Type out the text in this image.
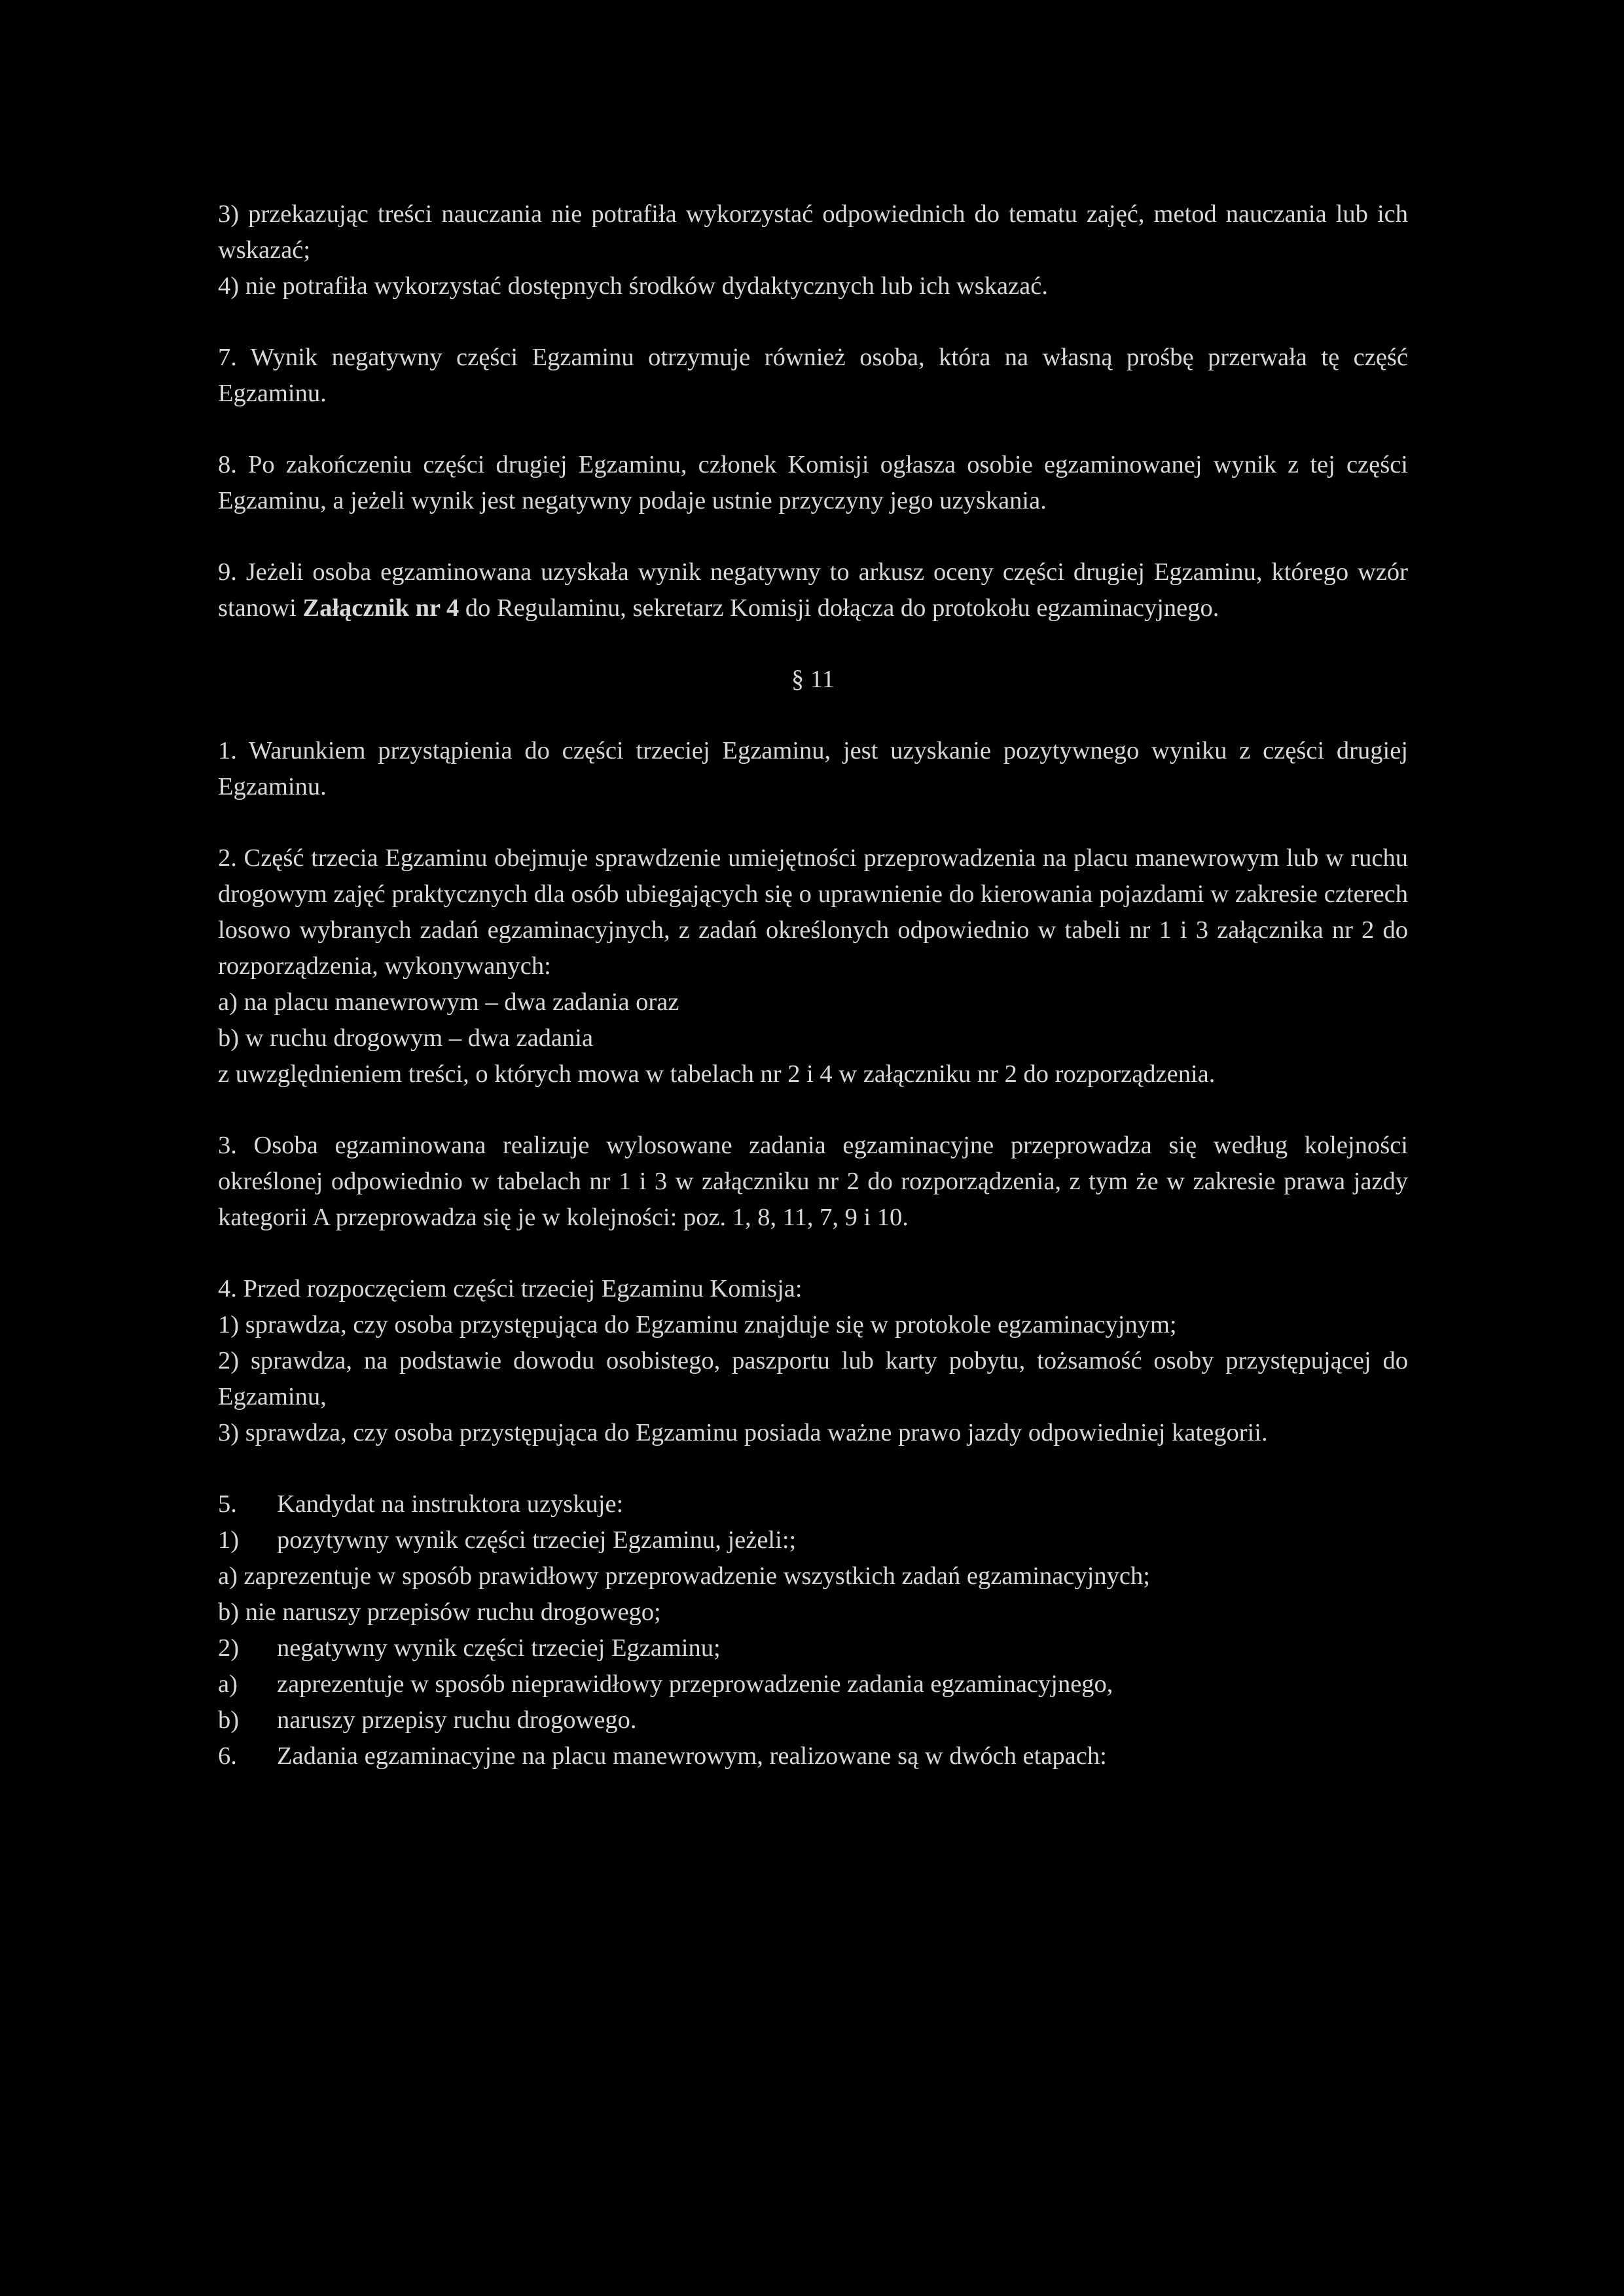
3) przekazując treści nauczania nie potrafiła wykorzystać odpowiednich do tematu zajęć, metod nauczania lub ich wskazać;

4) nie potrafiła wykorzystać dostępnych środków dydaktycznych lub ich wskazać.

7. Wynik negatywny części Egzaminu otrzymuje również osoba, która na własną prośbę przerwała tę część Egzaminu.

8. Po zakończeniu części drugiej Egzaminu, członek Komisji ogłasza osobie egzaminowanej wynik z tej części Egzaminu, a jeżeli wynik jest negatywny podaje ustnie przyczyny jego uzyskania.

9. Jeżeli osoba egzaminowana uzyskała wynik negatywny to arkusz oceny części drugiej Egzaminu, którego wzór stanowi Załącznik nr 4 do Regulaminu, sekretarz Komisji dołącza do protokołu egzaminacyjnego.

§ 11

1. Warunkiem przystąpienia do części trzeciej Egzaminu, jest uzyskanie pozytywnego wyniku z części drugiej Egzaminu.

2. Część trzecia Egzaminu obejmuje sprawdzenie umiejętności przeprowadzenia na placu manewrowym lub w ruchu drogowym zajęć praktycznych dla osób ubiegających się o uprawnienie do kierowania pojazdami w zakresie czterech losowo wybranych zadań egzaminacyjnych, z zadań określonych odpowiednio w tabeli nr 1 i 3 załącznika nr 2 do rozporządzenia, wykonywanych:

a) na placu manewrowym – dwa zadania oraz

b) w ruchu drogowym – dwa zadania

z uwzględnieniem treści, o których mowa w tabelach nr 2 i 4 w załączniku nr 2 do rozporządzenia.

3. Osoba egzaminowana realizuje wylosowane zadania egzaminacyjne przeprowadza się według kolejności określonej odpowiednio w tabelach nr 1 i 3 w załączniku nr 2 do rozporządzenia, z tym że w zakresie prawa jazdy kategorii A przeprowadza się je w kolejności: poz. 1, 8, 11, 7, 9 i 10.

4. Przed rozpoczęciem części trzeciej Egzaminu Komisja:

1) sprawdza, czy osoba przystępująca do Egzaminu znajduje się w protokole egzaminacyjnym;

2) sprawdza, na podstawie dowodu osobistego, paszportu lub karty pobytu, tożsamość osoby przystępującej do Egzaminu,

3) sprawdza, czy osoba przystępująca do Egzaminu posiada ważne prawo jazdy odpowiedniej kategorii.

5.	Kandydat na instruktora uzyskuje:
1)	pozytywny wynik części trzeciej Egzaminu, jeżeli:;

a) zaprezentuje w sposób prawidłowy przeprowadzenie wszystkich zadań egzaminacyjnych;

b) nie naruszy przepisów ruchu drogowego;

2)	negatywny wynik części trzeciej Egzaminu;
a)	zaprezentuje w sposób nieprawidłowy przeprowadzenie zadania egzaminacyjnego,
b)	naruszy przepisy ruchu drogowego.
6.	Zadania egzaminacyjne na placu manewrowym, realizowane są w dwóch etapach:
